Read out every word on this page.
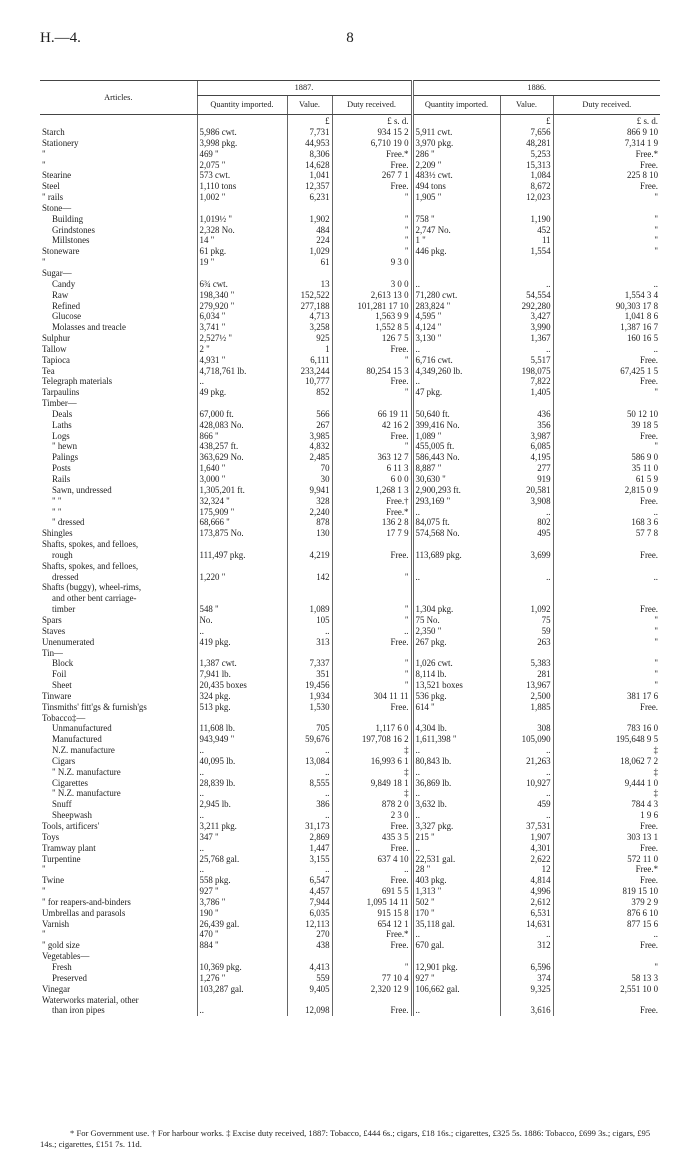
H.—4.	8
Articles.	1887.			1886.		
	Quantity imported.	Value.	Duty received.	Quantity imported.	Value.	Duty received.
		£	£ s. d.		£	£ s. d.
Starch	5,986 cwt.	7,731	934 15 2	5,911 cwt.	7,656	866 9 10
Stationery	3,998 pkg.	44,953	6,710 19 0	3,970 pkg.	48,281	7,314 1 9
"	469 "	8,306	Free.*	286 "	5,253	Free.*
"	2,075 "	14,628	Free.	2,209 "	15,313	Free.
Stearine	573 cwt.	1,041	267 7 1	483½ cwt.	1,084	225 8 10
Steel	1,110 tons	12,357	Free.	494 tons	8,672	Free.
" rails	1,002 "	6,231	"	1,905 "	12,023	"
Stone—						
Building	1,019½ "	1,902	"	758 "	1,190	"
Grindstones	2,328 No.	484	"	2,747 No.	452	"
Millstones	14 "	224	"	1 "	11	"
Stoneware	61 pkg.	1,029	"	446 pkg.	1,554	"
"	19 "	61	9 3 0			
Sugar—						
Candy	6¾ cwt.	13	3 0 0	..	..	..
Raw	198,340 "	152,522	2,613 13 0	71,280 cwt.	54,554	1,554 3 4
Refined	279,920 "	277,188	101,281 17 10	283,824 "	292,280	90,303 17 8
Glucose	6,034 "	4,713	1,563 9 9	4,595 "	3,427	1,041 8 6
Molasses and treacle	3,741 "	3,258	1,552 8 5	4,124 "	3,990	1,387 16 7
Sulphur	2,527½ "	925	126 7 5	3,130 "	1,367	160 16 5
Tallow	2 "	1	Free.	..	..	..
Tapioca	4,931 "	6,111	"	6,716 cwt.	5,517	Free.
Tea	4,718,761 lb.	233,244	80,254 15 3	4,349,260 lb.	198,075	67,425 1 5
Telegraph materials	..	10,777	Free.	..	7,822	Free.
Tarpaulins	49 pkg.	852	"	47 pkg.	1,405	"
Timber—						
Deals	67,000 ft.	566	66 19 11	50,640 ft.	436	50 12 10
Laths	428,083 No.	267	42 16 2	399,416 No.	356	39 18 5
Logs	866 "	3,985	Free.	1,089 "	3,987	Free.
" hewn	438,257 ft.	4,832	"	455,005 ft.	6,085	"
Palings	363,629 No.	2,485	363 12 7	586,443 No.	4,195	586 9 0
Posts	1,640 "	70	6 11 3	8,887 "	277	35 11 0
Rails	3,000 "	30	6 0 0	30,630 "	919	61 5 9
Sawn, undressed	1,305,201 ft.	9,941	1,268 1 3	2,900,293 ft.	20,581	2,815 0 9
" "	32,324 "	328	Free.†	293,169 "	3,908	Free.
" "	175,909 "	2,240	Free.*	..	..	..
" dressed	68,666 "	878	136 2 8	84,075 ft.	802	168 3 6
Shingles	173,875 No.	130	17 7 9	574,568 No.	495	57 7 8
Shafts, spokes, and felloes,						
rough	111,497 pkg.	4,219	Free.	113,689 pkg.	3,699	Free.
Shafts, spokes, and felloes,						
dressed	1,220 "	142	"	..	..	..
Shafts (buggy), wheel-rims,						
and other bent carriage-						
timber	548 "	1,089	"	1,304 pkg.	1,092	Free.
Spars	No.	105	"	75 No.	75	"
Staves	..	..	..	2,350 "	59	"
Unenumerated	419 pkg.	313	Free.	267 pkg.	263	"
Tin—						
Block	1,387 cwt.	7,337	"	1,026 cwt.	5,383	"
Foil	7,941 lb.	351	"	8,114 lb.	281	"
Sheet	20,435 boxes	19,456	"	13,521 boxes	13,967	"
Tinware	324 pkg.	1,934	304 11 11	536 pkg.	2,500	381 17 6
Tinsmiths' fitt'gs & furnish'gs	513 pkg.	1,530	Free.	614 "	1,885	Free.
Tobacco‡—						
Unmanufactured	11,608 lb.	705	1,117 6 0	4,304 lb.	308	783 16 0
Manufactured	943,949 "	59,676	197,708 16 2	1,611,398 "	105,090	195,648 9 5
N.Z. manufacture	..	..	‡	..	..	‡
Cigars	40,095 lb.	13,084	16,993 6 1	80,843 lb.	21,263	18,062 7 2
" N.Z. manufacture	..	..	‡	..	..	‡
Cigarettes	28,839 lb.	8,555	9,849 18 1	36,869 lb.	10,927	9,444 1 0
" N.Z. manufacture	..	..	‡	..	..	‡
Snuff	2,945 lb.	386	878 2 0	3,632 lb.	459	784 4 3
Sheepwash	..	..	2 3 0	..	..	1 9 6
Tools, artificers'	3,211 pkg.	31,173	Free.	3,327 pkg.	37,531	Free.
Toys	347 "	2,869	435 3 5	215 "	1,907	303 13 1
Tramway plant	..	1,447	Free.	..	4,301	Free.
Turpentine	25,768 gal.	3,155	637 4 10	22,531 gal.	2,622	572 11 0
"	..	..	..	28 "	12	Free.*
Twine	558 pkg.	6,547	Free.	403 pkg.	4,814	Free.
"	927 "	4,457	691 5 5	1,313 "	4,996	819 15 10
" for reapers-and-binders	3,786 "	7,944	1,095 14 11	502 "	2,612	379 2 9
Umbrellas and parasols	190 "	6,035	915 15 8	170 "	6,531	876 6 10
Varnish	26,439 gal.	12,113	654 12 1	35,118 gal.	14,631	877 15 6
"	470 "	270	Free.*	..	..	..
" gold size	884 "	438	Free.	670 gal.	312	Free.
Vegetables—						
Fresh	10,369 pkg.	4,413	"	12,901 pkg.	6,596	"
Preserved	1,276 "	559	77 10 4	927 "	374	58 13 3
Vinegar	103,287 gal.	9,405	2,320 12 9	106,662 gal.	9,325	2,551 10 0
Waterworks material, other						
than iron pipes	..	12,098	Free.	..	3,616	Free.
* For Government use. † For harbour works. ‡ Excise duty received, 1887: Tobacco, £444 6s.; cigars, £18 16s.; cigarettes, £325 5s. 1886: Tobacco, £699 3s.; cigars, £95 14s.; cigarettes, £151 7s. 11d.
